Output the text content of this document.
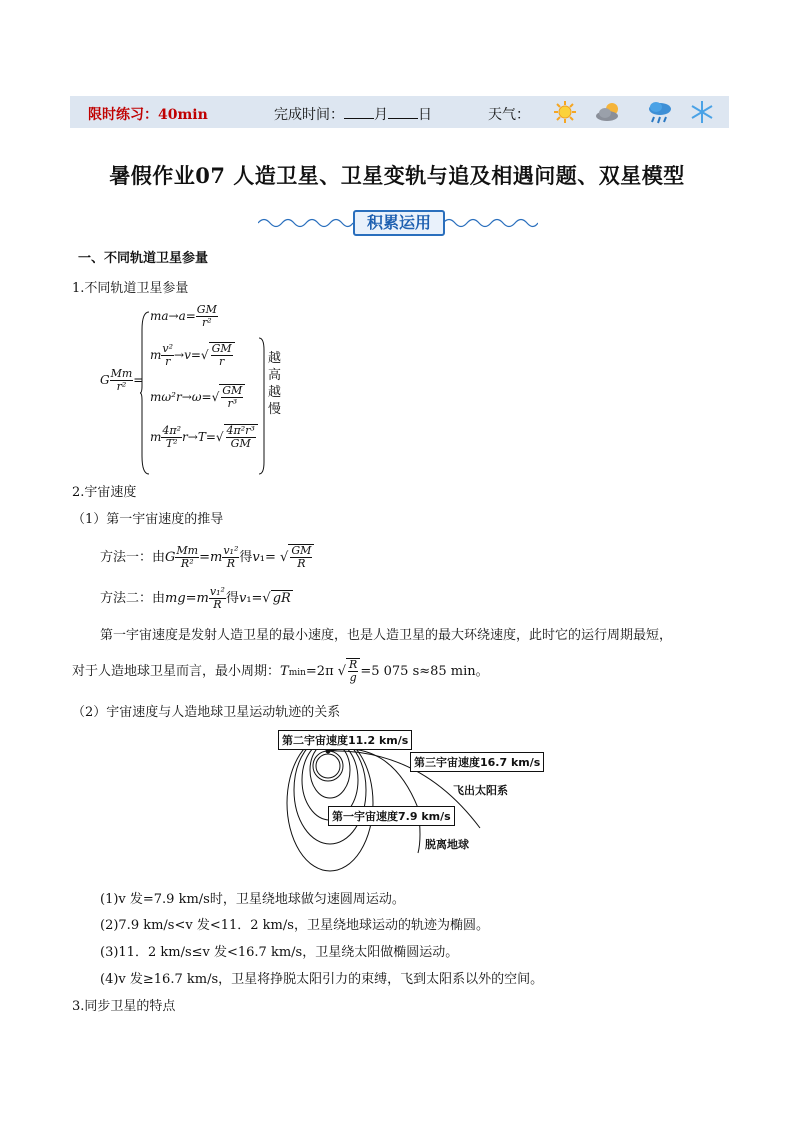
限时练习：40min	完成时间： 月 日	天气：
暑假作业07 人造卫星、卫星变轨与追及相遇问题、双星模型
积累运用
一、不同轨道卫星参量
1.不同轨道卫星参量
G $\frac{Mm}{\text{r²}}$ =
$ma\to a= \frac{GM}{\text{r²}}$
m $\frac{\text{v²}}{r} \to v=√ \frac{GM}{r}$
$m\omega^2r\to\omega=√ \frac{GM}{\text{r³}}$
m $\frac{\text{4π²}}{\text{T²}} r\to T=√ \frac{\text{4π²r³}}{GM}$
越
高
越
慢
2.宇宙速度
（1）第一宇宙速度的推导
方法一：由G $\frac{Mm}{\text{R²}} =m \frac{\text{v₁²}}{R}$ 得v₁= √ $\frac{GM}{R}$
方法二：由$mg=m \frac{\text{v₁²}}{R}$ 得v₁=√ gR
第一宇宙速度是发射人造卫星的最小速度，也是人造卫星的最大环绕速度，此时它的运行周期最短，
对于人造地球卫星而言，最小周期：Tmin=2π √ $\frac{R}{g} =5$ 075 s≈85 min。
（2）宇宙速度与人造地球卫星运动轨迹的关系
第二宇宙速度11.2 km/s
第三宇宙速度16.7 km/s
第一宇宙速度7.9 km/s
飞出太阳系
脱离地球
(1)v 发=7.9 km/s时，卫星绕地球做匀速圆周运动。
(2)7.9 km/s<v 发<11．2 km/s，卫星绕地球运动的轨迹为椭圆。
(3)11．2 km/s≤v 发<16.7 km/s，卫星绕太阳做椭圆运动。
(4)v 发≥16.7 km/s，卫星将挣脱太阳引力的束缚，飞到太阳系以外的空间。
3.同步卫星的特点
